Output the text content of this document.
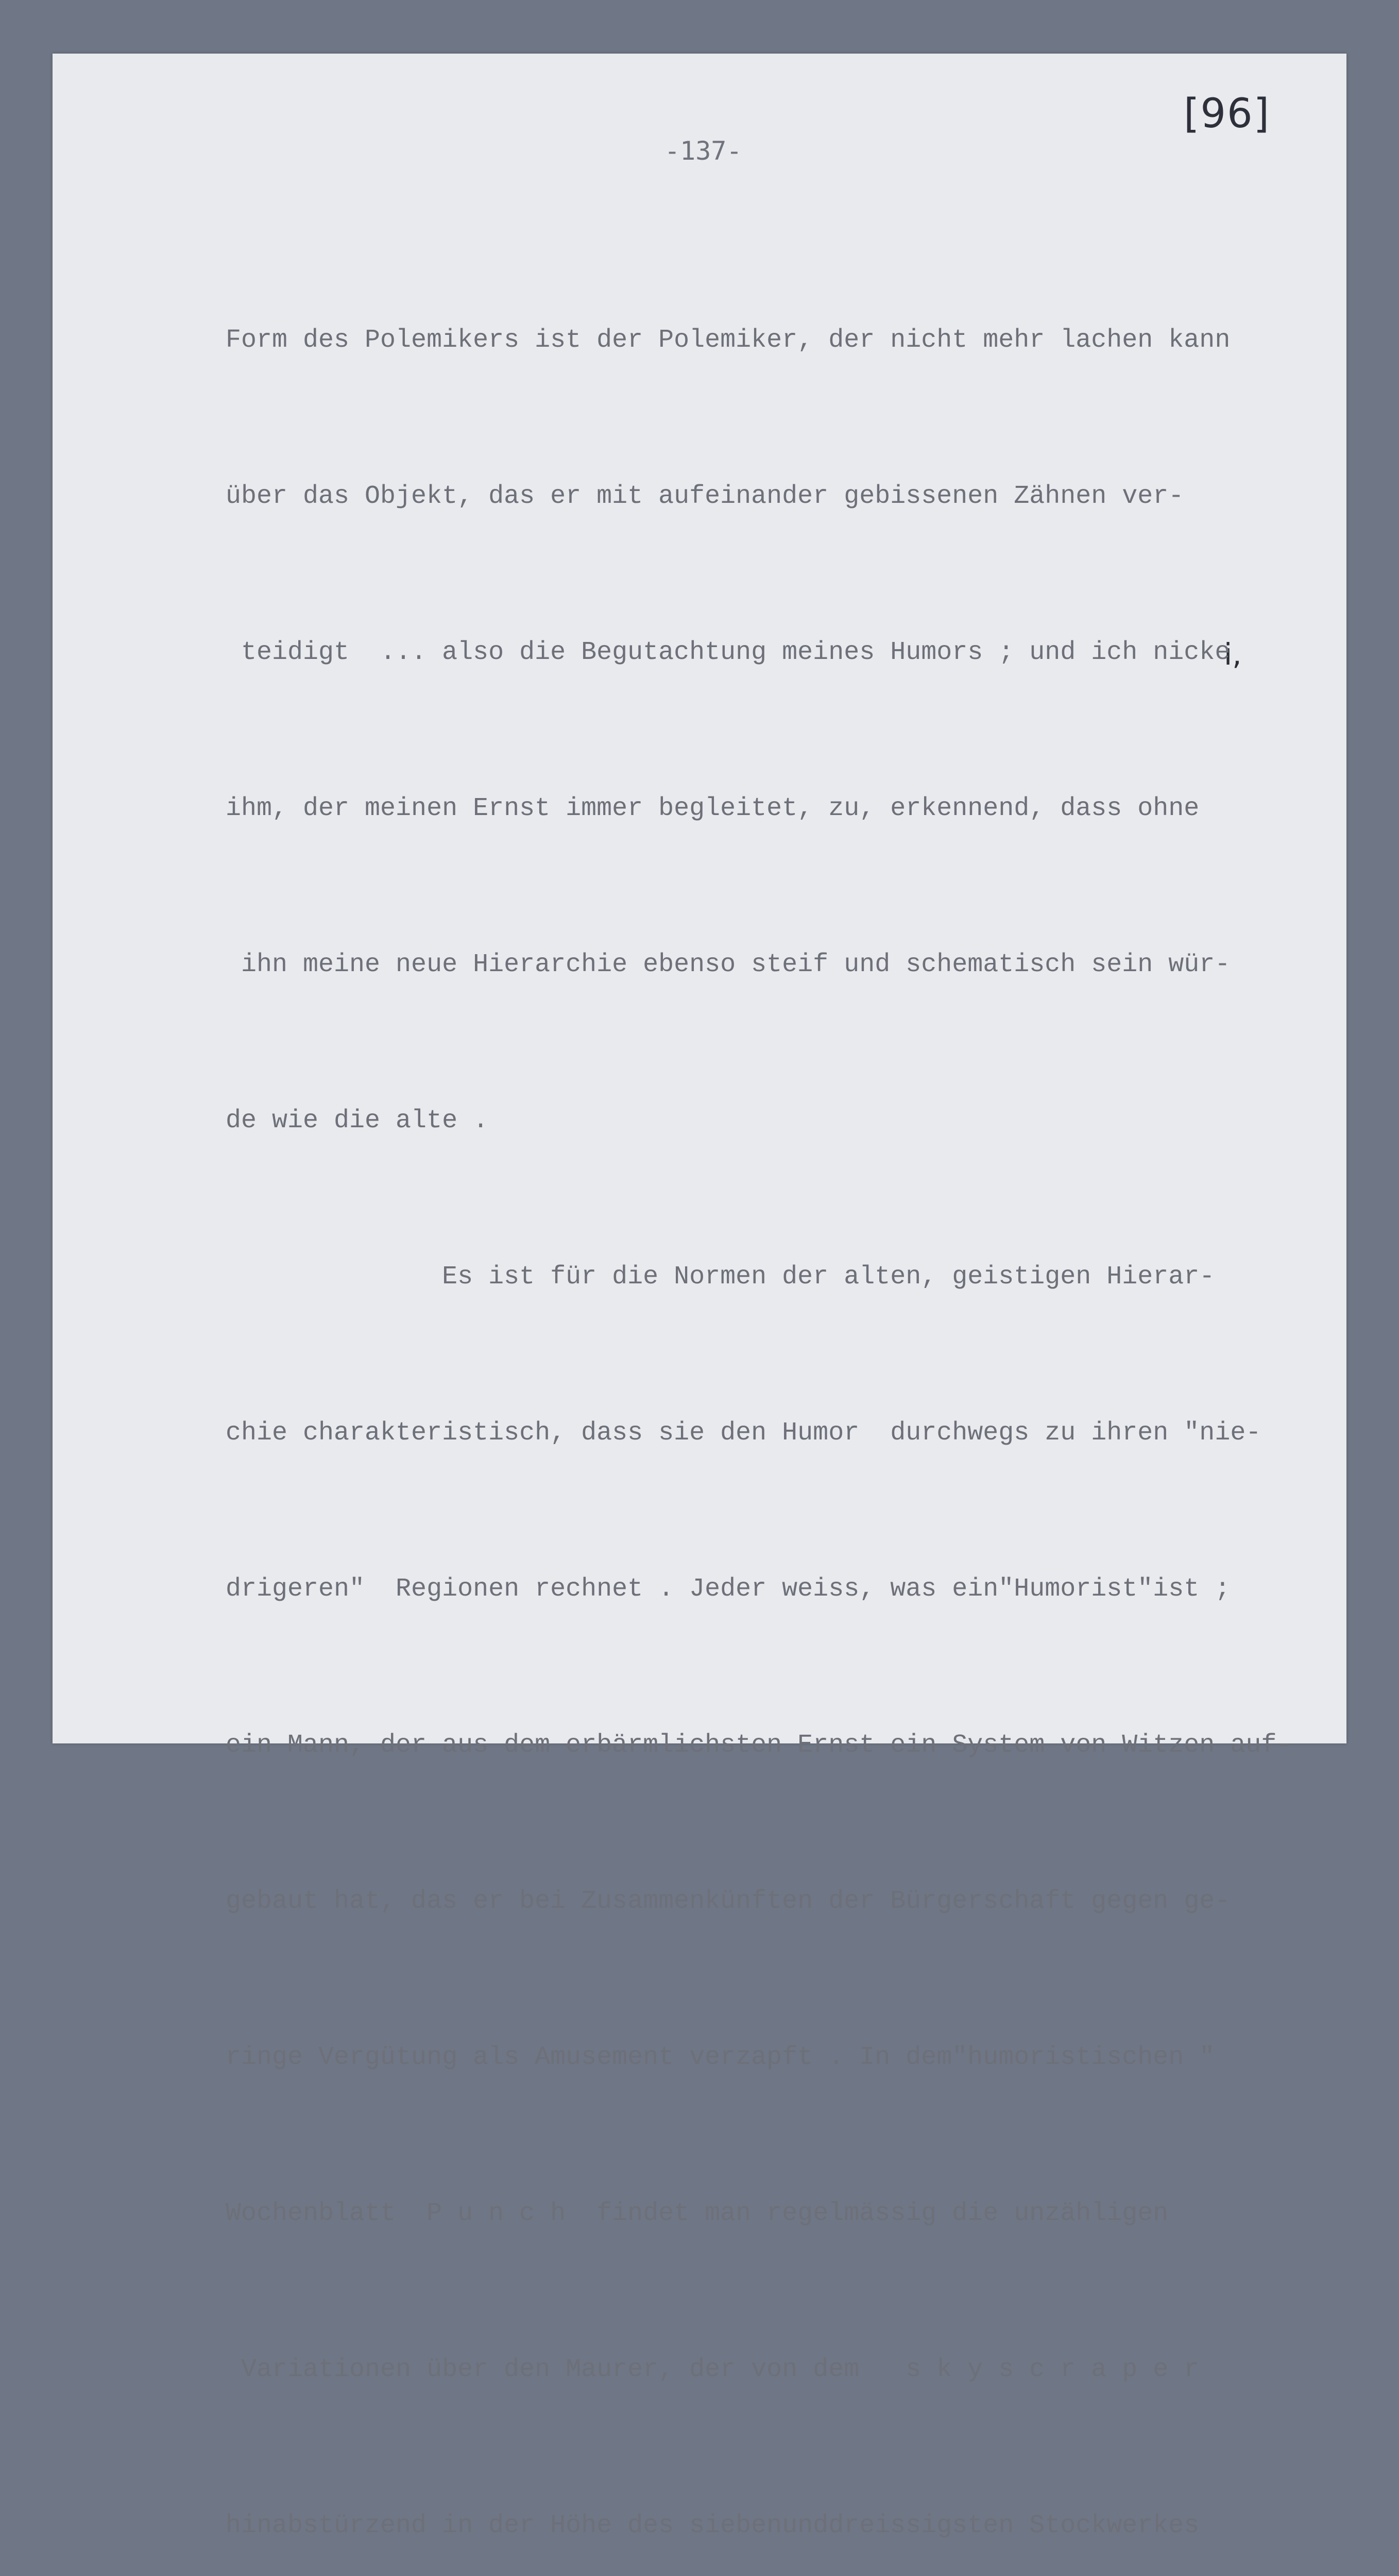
[96]
-137-
i,

Form des Polemikers ist der Polemiker, der nicht mehr lachen kann

über das Objekt, das er mit aufeinander gebissenen Zähnen ver-

teidigt  ... also die Begutachtung meines Humors ; und ich nicke

ihm, der meinen Ernst immer begleitet, zu, erkennend, dass ohne

ihn meine neue Hierarchie ebenso steif und schematisch sein wür-

de wie die alte .

Es ist für die Normen der alten, geistigen Hierar-

chie charakteristisch, dass sie den Humor  durchwegs zu ihren "nie-

drigeren"  Regionen rechnet . Jeder weiss, was ein"Humorist"ist ;

ein Mann, der aus dem erbärmlichsten Ernst ein System von Witzen auf-

gebaut hat, das er bei Zusammenkünften der Bürgerschaft gegen ge-

ringe Vergütung als Amusement verzapft . In dem"humoristischen "

Wochenblatt  P u n c h  findet man regelmässig die unzähligen

Variationen über den Maurer, der von dem   s k y s c r a p e r

hinabstürzend in der Höhe des siebenunddreissigsten Stockwerkes
